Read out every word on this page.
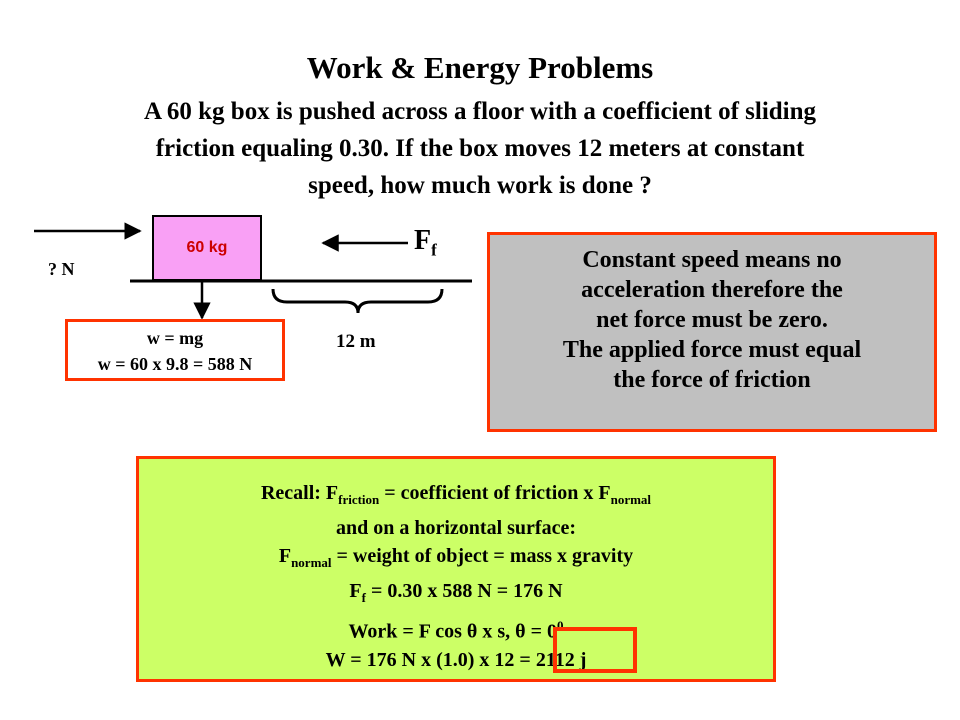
Work & Energy Problems
A 60 kg box is pushed across a floor with a coefficient of sliding
friction equaling 0.30. If the box moves 12 meters at constant
speed, how much work is done ?
60 kg
? N
$F_f$
12 m
w = mg
w = 60 x 9.8 = 588 N
Constant speed means no
acceleration therefore the
net force must be zero.
The applied force must equal
the force of friction
Recall: $F_{friction}$ = coefficient of friction x $F_{normal}$
and on a horizontal surface:
$F_{normal}$ = weight of object = mass x gravity
$F_f = 0.30$ x 588 N = 176 N
Work = F cos θ x s, $\theta = 0^0$
W = 176 N x (1.0) x 12 = 2112 j
